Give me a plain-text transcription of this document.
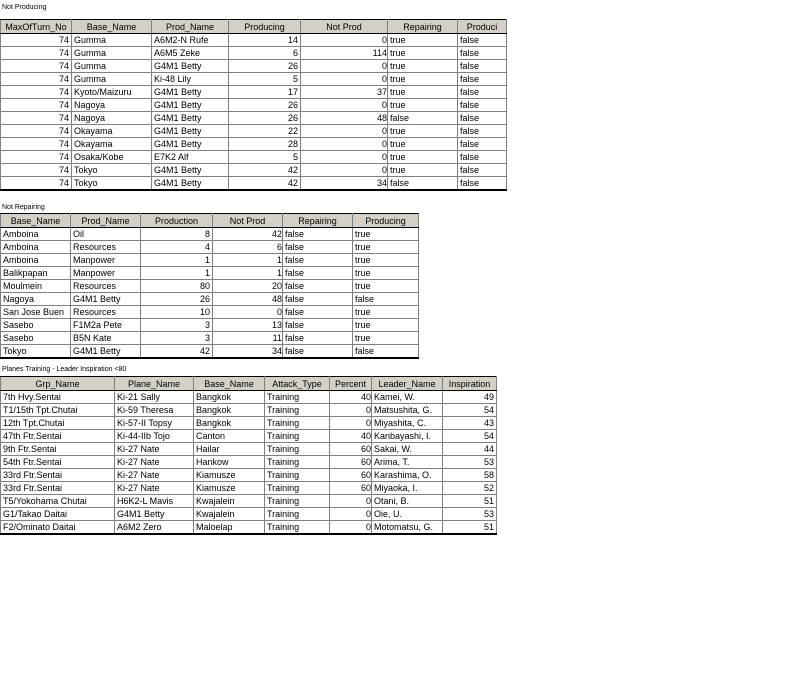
Not Producing
MaxOfTurn_No	Base_Name	Prod_Name	Producing	Not Prod	Repairing	Produci
74	Gumma	A6M2-N Rufe	14	0	true	false
74	Gumma	A6M5 Zeke	6	114	true	false
74	Gumma	G4M1 Betty	26	0	true	false
74	Gumma	Ki-48 Lily	5	0	true	false
74	Kyoto/Maizuru	G4M1 Betty	17	37	true	false
74	Nagoya	G4M1 Betty	26	0	true	false
74	Nagoya	G4M1 Betty	26	48	false	false
74	Okayama	G4M1 Betty	22	0	true	false
74	Okayama	G4M1 Betty	28	0	true	false
74	Osaka/Kobe	E7K2 Alf	5	0	true	false
74	Tokyo	G4M1 Betty	42	0	true	false
74	Tokyo	G4M1 Betty	42	34	false	false
Not Repairing
Base_Name	Prod_Name	Production	Not Prod	Repairing	Producing
Amboina	Oil	8	42	false	true
Amboina	Resources	4	6	false	true
Amboina	Manpower	1	1	false	true
Balikpapan	Manpower	1	1	false	true
Moulmein	Resources	80	20	false	true
Nagoya	G4M1 Betty	26	48	false	false
San Jose Buen	Resources	10	0	false	true
Sasebo	F1M2a Pete	3	13	false	true
Sasebo	B5N Kate	3	11	false	true
Tokyo	G4M1 Betty	42	34	false	false
Planes Training - Leader Inspiration <80
Grp_Name	Plane_Name	Base_Name	Attack_Type	Percent	Leader_Name	Inspiration
7th Hvy.Sentai	Ki-21 Sally	Bangkok	Training	40	Kamei, W.	49
T1/15th Tpt.Chutai	Ki-59 Theresa	Bangkok	Training	0	Matsushita, G.	54
12th Tpt.Chutai	Ki-57-II Topsy	Bangkok	Training	0	Miyashita, C.	43
47th Ftr.Sentai	Ki-44-IIb Tojo	Canton	Training	40	Kanbayashi, I.	54
9th Ftr.Sentai	Ki-27 Nate	Hailar	Training	60	Sakai, W.	44
54th Ftr.Sentai	Ki-27 Nate	Hankow	Training	60	Arima, T.	53
33rd Ftr.Sentai	Ki-27 Nate	Kiamusze	Training	60	Karashima, O.	58
33rd Ftr.Sentai	Ki-27 Nate	Kiamusze	Training	60	Miyaoka, I.	52
T5/Yokohama Chutai	H6K2-L Mavis	Kwajalein	Training	0	Otani, B.	51
G1/Takao Daitai	G4M1 Betty	Kwajalein	Training	0	Oie, U.	53
F2/Ominato Daitai	A6M2 Zero	Maloelap	Training	0	Motomatsu, G.	51
